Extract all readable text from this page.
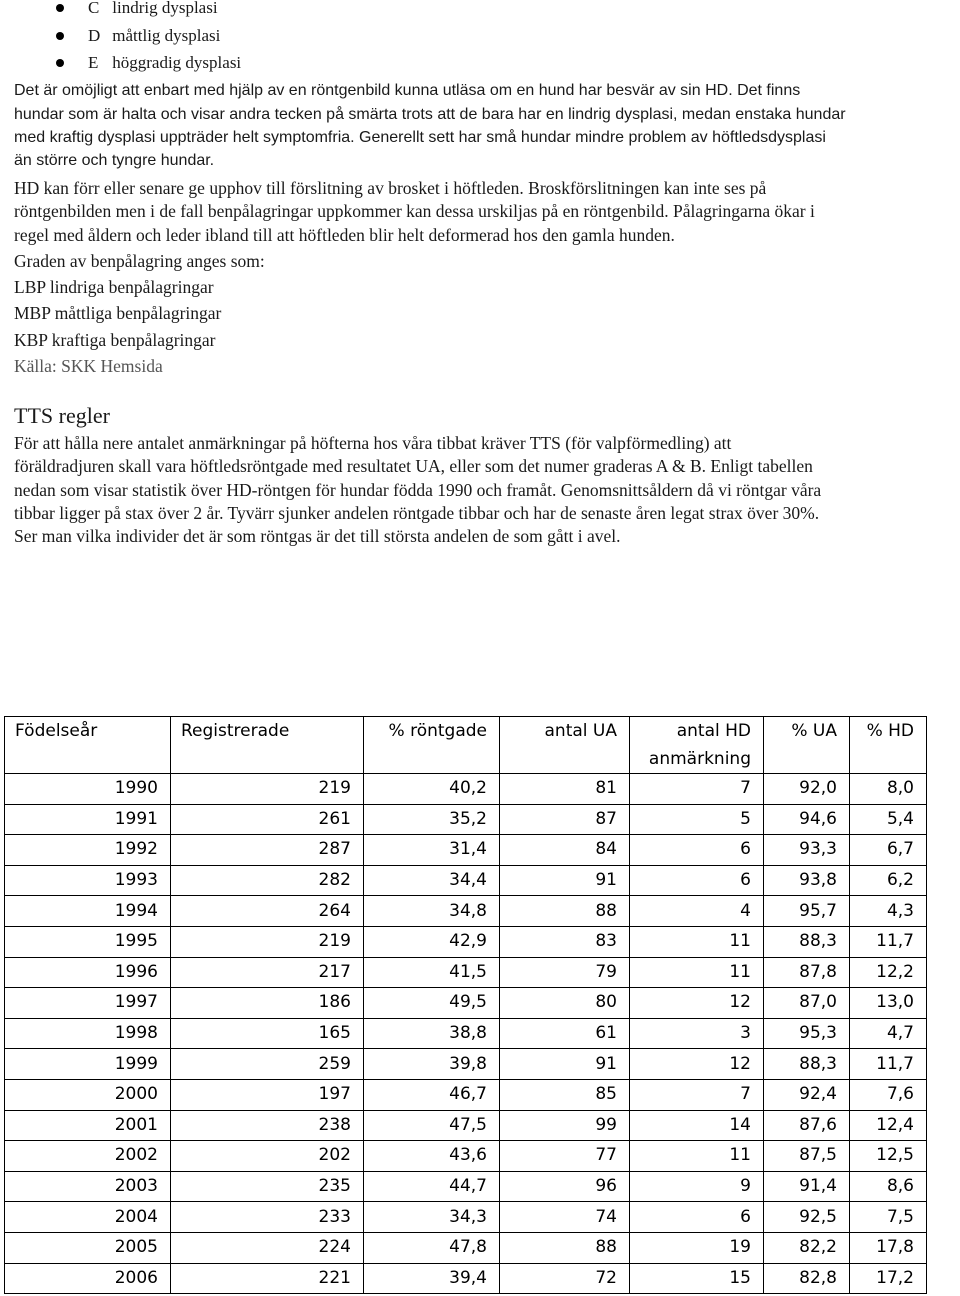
C lindrig dysplasi
D måttlig dysplasi
E höggradig dysplasi
Det är omöjligt att enbart med hjälp av en röntgenbild kunna utläsa om en hund har besvär av sin HD. Det finns
hundar som är halta och visar andra tecken på smärta trots att de bara har en lindrig dysplasi, medan enstaka hundar
med kraftig dysplasi uppträder helt symptomfria. Generellt sett har små hundar mindre problem av höftledsdysplasi
än större och tyngre hundar.
HD kan förr eller senare ge upphov till förslitning av brosket i höftleden. Broskförslitningen kan inte ses på
röntgenbilden men i de fall benpålagringar uppkommer kan dessa urskiljas på en röntgenbild. Pålagringarna ökar i
regel med åldern och leder ibland till att höftleden blir helt deformerad hos den gamla hunden.
Graden av benpålagring anges som:
LBP lindriga benpålagringar
MBP måttliga benpålagringar
KBP kraftiga benpålagringar
Källa: SKK Hemsida
TTS regler
För att hålla nere antalet anmärkningar på höfterna hos våra tibbat kräver TTS (för valpförmedling) att
föräldradjuren skall vara höftledsröntgade med resultatet UA, eller som det numer graderas A & B. Enligt tabellen
nedan som visar statistik över HD-röntgen för hundar födda 1990 och framåt. Genomsnittsåldern då vi röntgar våra
tibbar ligger på stax över 2 år. Tyvärr sjunker andelen röntgade tibbar och har de senaste åren legat strax över 30%.
Ser man vilka individer det är som röntgas är det till största andelen de som gått i avel.
Födelseår	Registrerade	% röntgade	antal UA	antal HD anmärkning	% UA	% HD
1990	219	40,2	81	7	92,0	8,0
1991	261	35,2	87	5	94,6	5,4
1992	287	31,4	84	6	93,3	6,7
1993	282	34,4	91	6	93,8	6,2
1994	264	34,8	88	4	95,7	4,3
1995	219	42,9	83	11	88,3	11,7
1996	217	41,5	79	11	87,8	12,2
1997	186	49,5	80	12	87,0	13,0
1998	165	38,8	61	3	95,3	4,7
1999	259	39,8	91	12	88,3	11,7
2000	197	46,7	85	7	92,4	7,6
2001	238	47,5	99	14	87,6	12,4
2002	202	43,6	77	11	87,5	12,5
2003	235	44,7	96	9	91,4	8,6
2004	233	34,3	74	6	92,5	7,5
2005	224	47,8	88	19	82,2	17,8
2006	221	39,4	72	15	82,8	17,2
